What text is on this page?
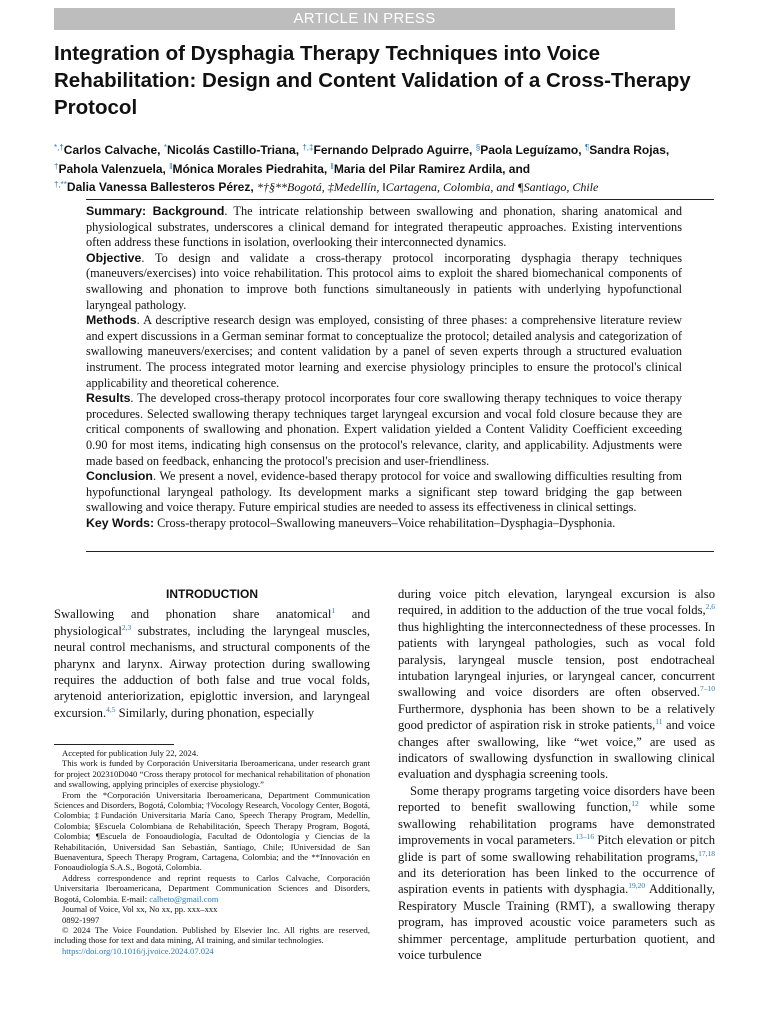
ARTICLE IN PRESS
Integration of Dysphagia Therapy Techniques into Voice Rehabilitation: Design and Content Validation of a Cross-Therapy Protocol
*,†Carlos Calvache, *Nicolás Castillo-Triana, †,‡Fernando Delprado Aguirre, §Paola Leguízamo, ¶Sandra Rojas,
†Pahola Valenzuela, ‖Mónica Morales Piedrahita, ‖Maria del Pilar Ramirez Ardila, and
†,**Dalia Vanessa Ballesteros Pérez, *†§**Bogotá, ‡Medellín, ‖Cartagena, Colombia, and ¶Santiago, Chile

Summary: Background. The intricate relationship between swallowing and phonation, sharing anatomical and physiological substrates, underscores a clinical demand for integrated therapeutic approaches. Existing interventions often address these functions in isolation, overlooking their interconnected dynamics.

Objective. To design and validate a cross-therapy protocol incorporating dysphagia therapy techniques (maneuvers/exercises) into voice rehabilitation. This protocol aims to exploit the shared biomechanical components of swallowing and phonation to improve both functions simultaneously in patients with underlying hypofunctional laryngeal pathology.

Methods. A descriptive research design was employed, consisting of three phases: a comprehensive literature review and expert discussions in a German seminar format to conceptualize the protocol; detailed analysis and categorization of swallowing maneuvers/exercises; and content validation by a panel of seven experts through a structured evaluation instrument. The process integrated motor learning and exercise physiology principles to ensure the protocol's clinical applicability and theoretical coherence.

Results. The developed cross-therapy protocol incorporates four core swallowing therapy techniques to voice therapy procedures. Selected swallowing therapy techniques target laryngeal excursion and vocal fold closure because they are critical components of swallowing and phonation. Expert validation yielded a Content Validity Coefficient exceeding 0.90 for most items, indicating high consensus on the protocol's relevance, clarity, and applicability. Adjustments were made based on feedback, enhancing the protocol's precision and user-friendliness.

Conclusion. We present a novel, evidence-based therapy protocol for voice and swallowing difficulties resulting from hypofunctional laryngeal pathology. Its development marks a significant step toward bridging the gap between swallowing and voice therapy. Future empirical studies are needed to assess its effectiveness in clinical settings.

Key Words: Cross-therapy protocol–Swallowing maneuvers–Voice rehabilitation–Dysphagia–Dysphonia.

INTRODUCTION

Swallowing and phonation share anatomical$^1$ and physiological$^{2,3}$ substrates, including the laryngeal muscles, neural control mechanisms, and structural components of the pharynx and larynx. Airway protection during swallowing requires the adduction of both false and true vocal folds, arytenoid anteriorization, epiglottic inversion, and laryngeal excursion.$^{4,5}$ Similarly, during phonation, especially

Accepted for publication July 22, 2024.

This work is funded by Corporación Universitaria Iberoamericana, under research grant for project 202310D040 “Cross therapy protocol for mechanical rehabilitation of phonation and swallowing, applying principles of exercise physiology.”

From the *Corporación Universitaria Iberoamericana, Department Communication Sciences and Disorders, Bogotá, Colombia; †Vocology Research, Vocology Center, Bogotá, Colombia; ‡Fundación Universitaria María Cano, Speech Therapy Program, Medellín, Colombia; §Escuela Colombiana de Rehabilitación, Speech Therapy Program, Bogotá, Colombia; ¶Escuela de Fonoaudiología, Facultad de Odontología y Ciencias de la Rehabilitación, Universidad San Sebastián, Santiago, Chile; ‖Universidad de San Buenaventura, Speech Therapy Program, Cartagena, Colombia; and the **Innovación en Fonoaudiología S.A.S., Bogotá, Colombia.

Address correspondence and reprint requests to Carlos Calvache, Corporación Universitaria Iberoamericana, Department Communication Sciences and Disorders, Bogotá, Colombia. E-mail: calbeto@gmail.com

Journal of Voice, Vol xx, No xx, pp. xxx–xxx

0892-1997

© 2024 The Voice Foundation. Published by Elsevier Inc. All rights are reserved, including those for text and data mining, AI training, and similar technologies.

https://doi.org/10.1016/j.jvoice.2024.07.024

during voice pitch elevation, laryngeal excursion is also required, in addition to the adduction of the true vocal folds,$^{2,6}$ thus highlighting the interconnectedness of these processes. In patients with laryngeal pathologies, such as vocal fold paralysis, laryngeal muscle tension, post endotracheal intubation laryngeal injuries, or laryngeal cancer, concurrent swallowing and voice disorders are often observed.$^{7-10}$ Furthermore, dysphonia has been shown to be a relatively good predictor of aspiration risk in stroke patients,$^{11}$ and voice changes after swallowing, like “wet voice,” are used as indicators of swallowing dysfunction in swallowing clinical evaluation and dysphagia screening tools.

Some therapy programs targeting voice disorders have been reported to benefit swallowing function,$^{12}$ while some swallowing rehabilitation programs have demonstrated improvements in vocal parameters.$^{13-16}$ Pitch elevation or pitch glide is part of some swallowing rehabilitation programs,$^{17,18}$ and its deterioration has been linked to the occurrence of aspiration events in patients with dysphagia.$^{19,20}$ Additionally, Respiratory Muscle Training (RMT), a swallowing therapy program, has improved acoustic voice parameters such as shimmer percentage, amplitude perturbation quotient, and voice turbulence
